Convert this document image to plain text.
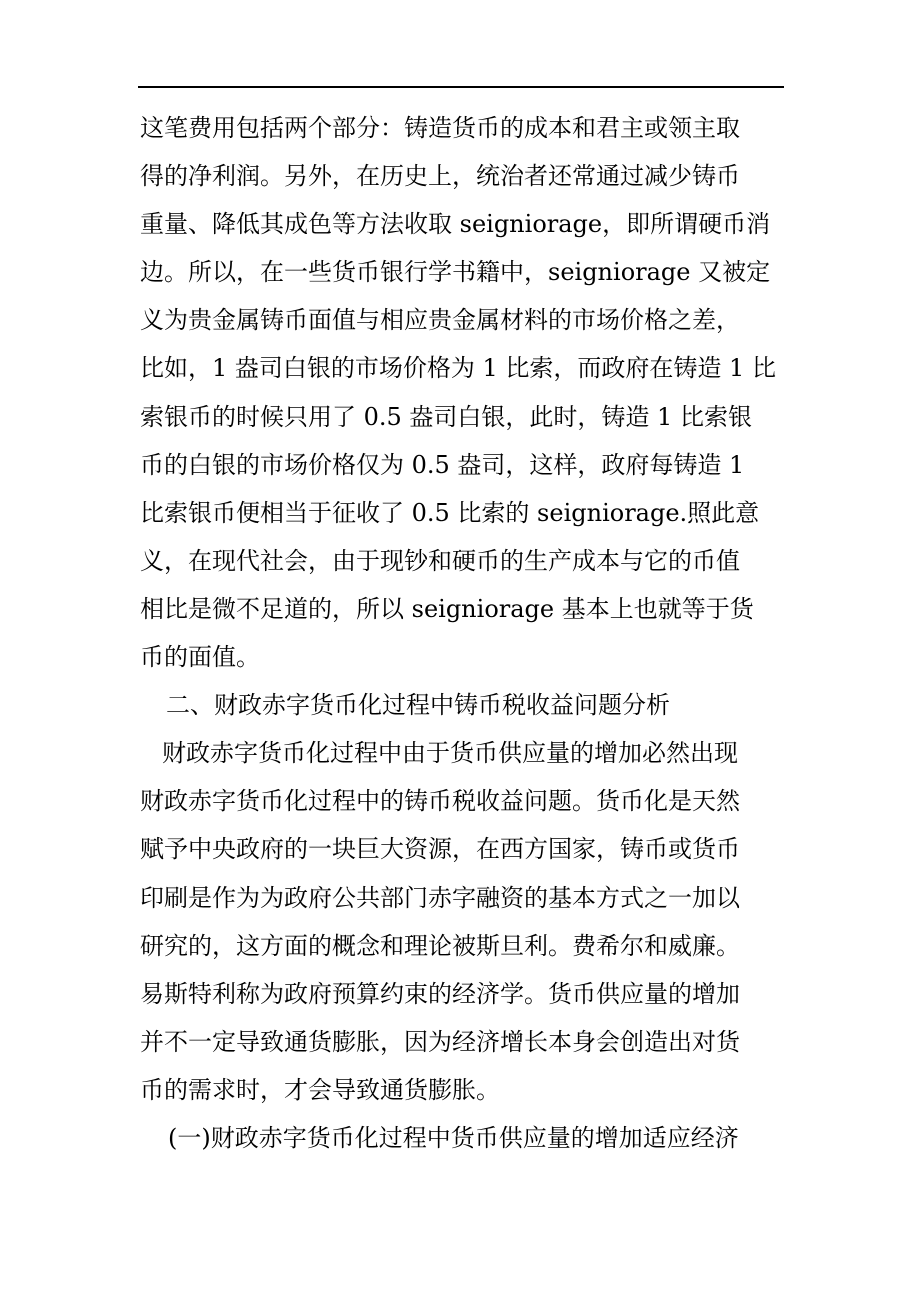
这笔费用包括两个部分：铸造货币的成本和君主或领主取
得的净利润。另外，在历史上，统治者还常通过减少铸币
重量、降低其成色等方法收取 seigniorage，即所谓硬币消
边。所以，在一些货币银行学书籍中，seigniorage 又被定
义为贵金属铸币面值与相应贵金属材料的市场价格之差，
比如，1 盎司白银的市场价格为 1 比索，而政府在铸造 1 比
索银币的时候只用了 0.5 盎司白银，此时，铸造 1 比索银
币的白银的市场价格仅为 0.5 盎司，这样，政府每铸造 1
比索银币便相当于征收了 0.5 比索的 seigniorage.照此意
义，在现代社会，由于现钞和硬币的生产成本与它的币值
相比是微不足道的，所以 seigniorage 基本上也就等于货
币的面值。
二、财政赤字货币化过程中铸币税收益问题分析
财政赤字货币化过程中由于货币供应量的增加必然出现
财政赤字货币化过程中的铸币税收益问题。货币化是天然
赋予中央政府的一块巨大资源，在西方国家，铸币或货币
印刷是作为为政府公共部门赤字融资的基本方式之一加以
研究的，这方面的概念和理论被斯旦利。费希尔和威廉。
易斯特利称为政府预算约束的经济学。货币供应量的增加
并不一定导致通货膨胀，因为经济增长本身会创造出对货
币的需求时，才会导致通货膨胀。
(一)财政赤字货币化过程中货币供应量的增加适应经济
